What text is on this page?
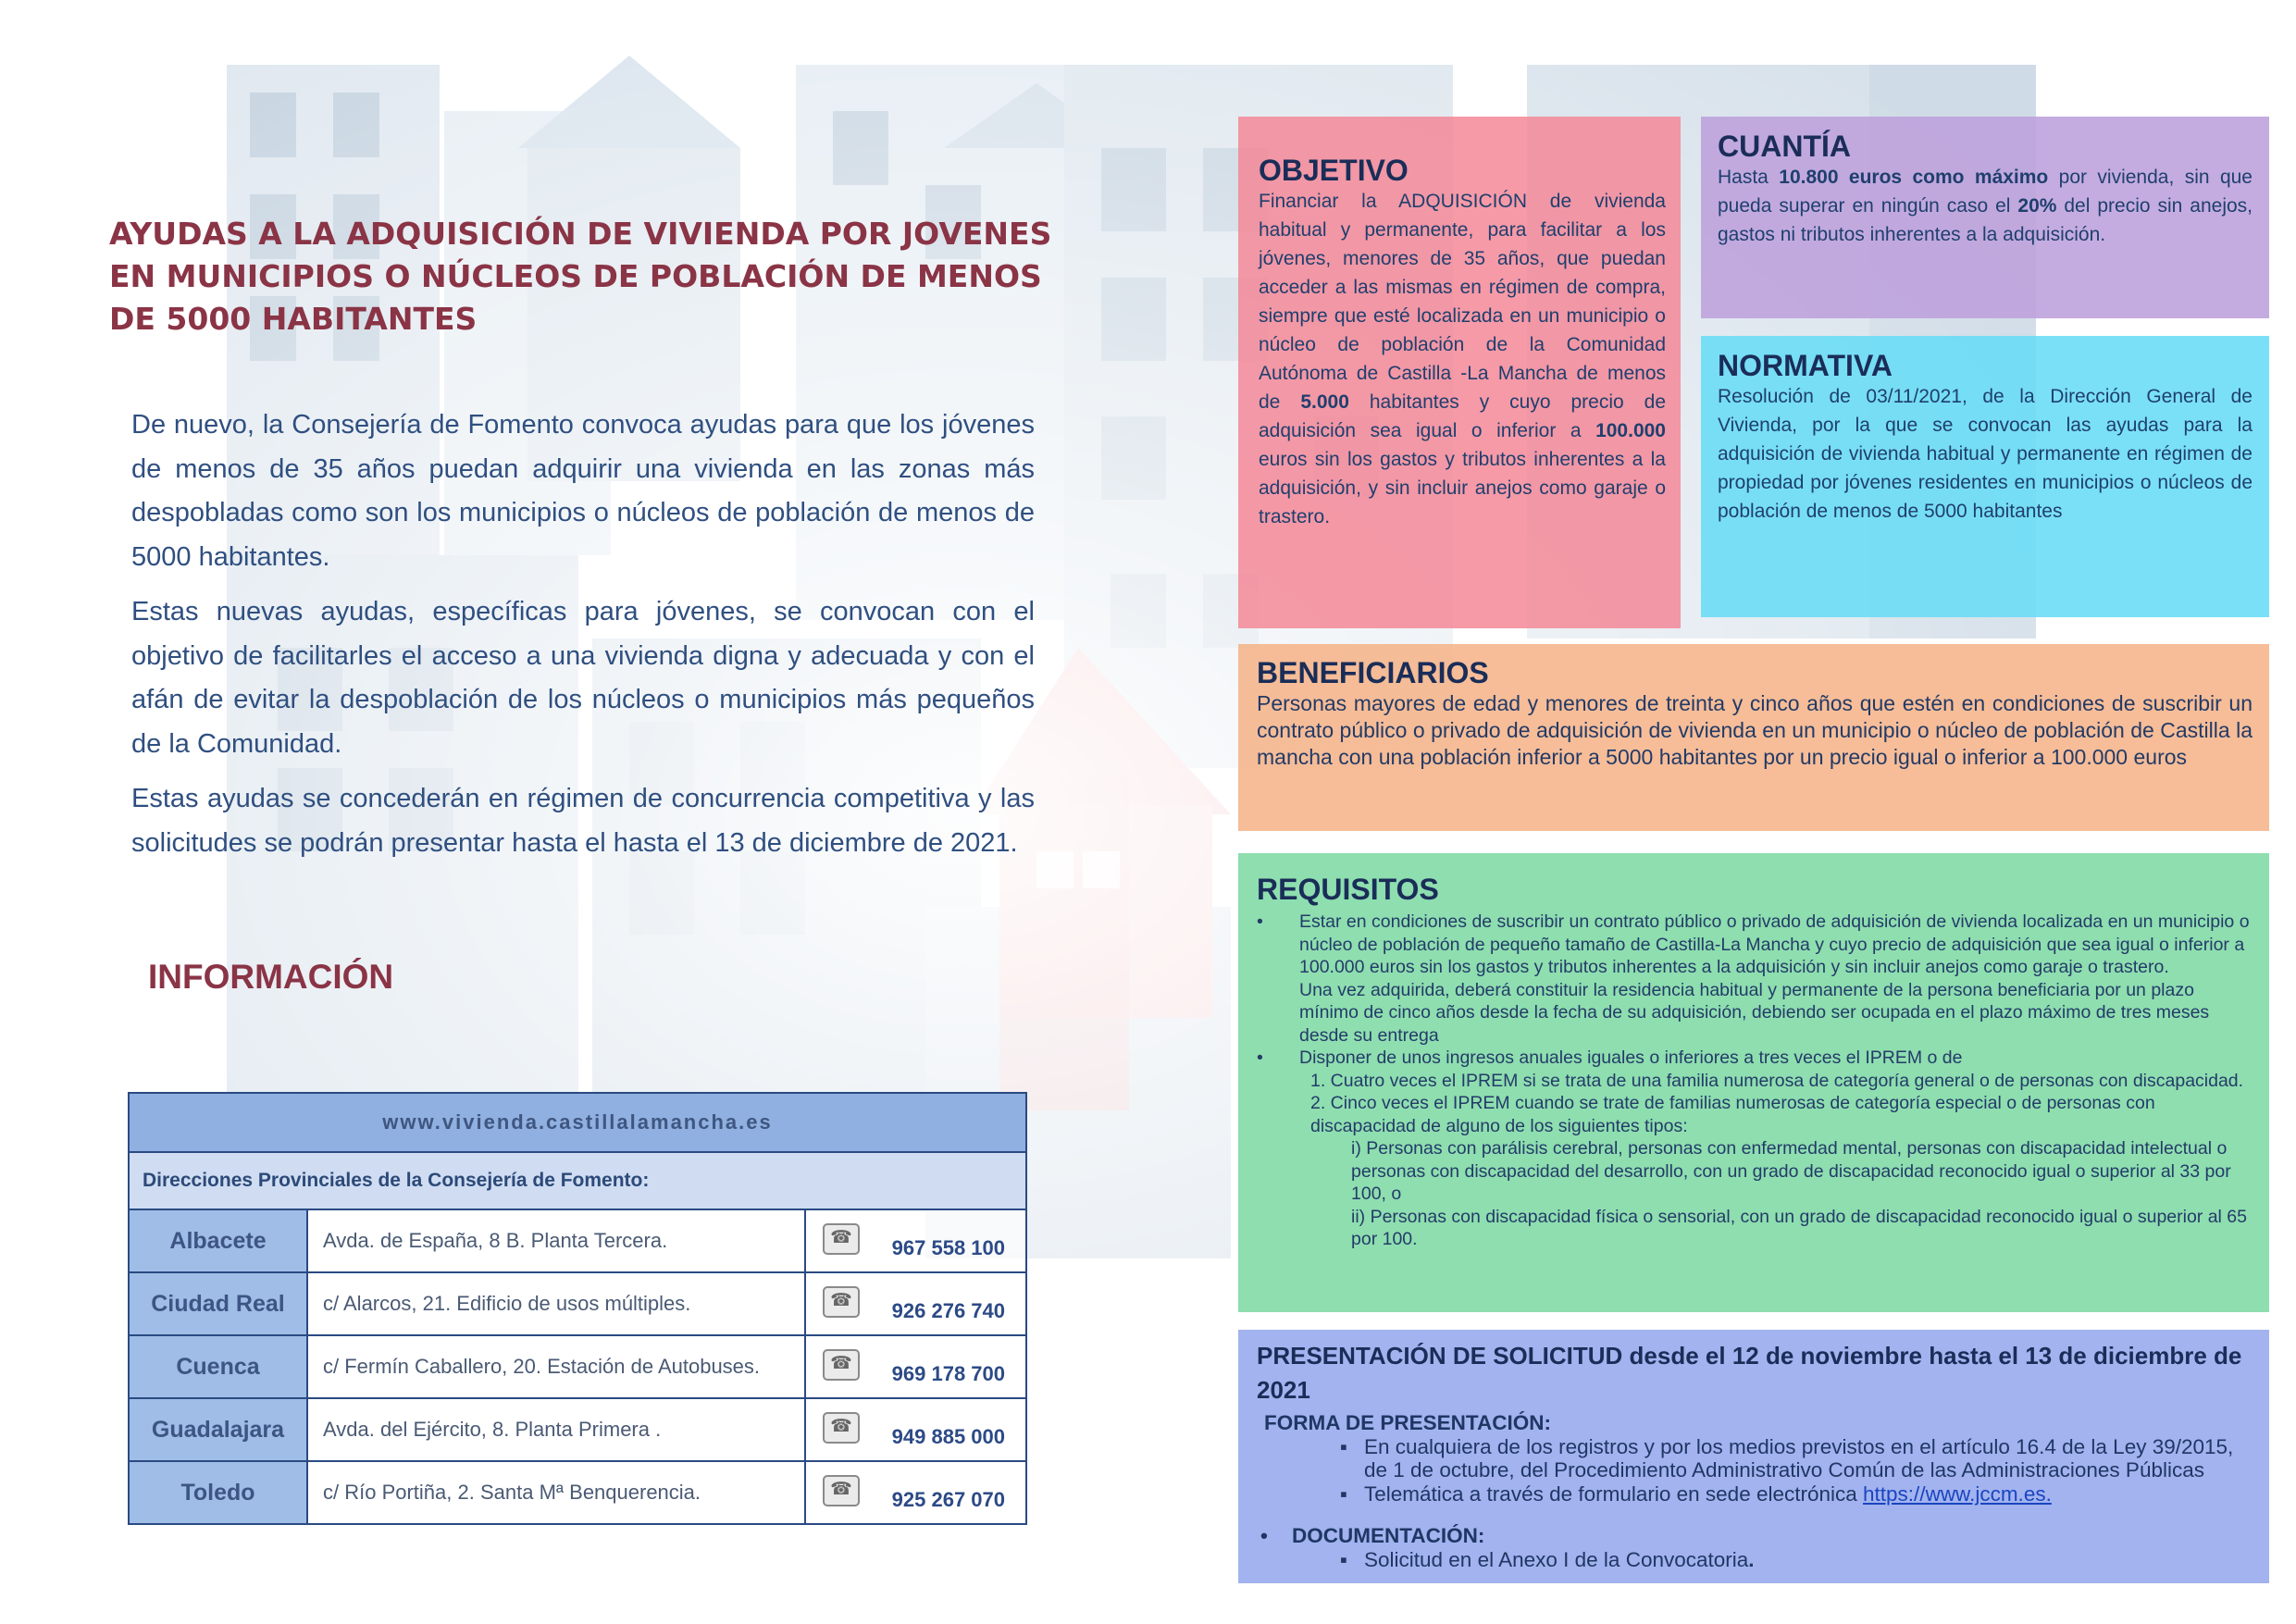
AYUDAS A LA ADQUISICIÓN DE VIVIENDA POR JOVENES EN MUNICIPIOS O NÚCLEOS DE POBLACIÓN DE MENOS DE 5000 HABITANTES

De nuevo, la Consejería de Fomento convoca ayudas para que los jóvenes de menos de 35 años puedan adquirir una vivienda en las zonas más despobladas como son los municipios o núcleos de población de menos de 5000 habitantes.

Estas nuevas ayudas, específicas para jóvenes, se convocan con el objetivo de facilitarles el acceso a una vivienda digna y adecuada y con el afán de evitar la despoblación de los núcleos o municipios más pequeños de la Comunidad.

Estas ayudas se concederán en régimen de concurrencia competitiva y las solicitudes se podrán presentar hasta el hasta el 13 de diciembre de 2021.

INFORMACIÓN
www.vivienda.castillalamancha.es		
Direcciones Provinciales de la Consejería de Fomento:		
Albacete	Avda. de España, 8 B. Planta Tercera.	☎ 967 558 100

Ciudad Real	c/ Alarcos, 21. Edificio de usos múltiples.	☎ 926 276 740

Cuenca	c/ Fermín Caballero, 20. Estación de Autobuses.	☎ 969 178 700

Guadalajara	Avda. del Ejército, 8. Planta Primera .	☎ 949 885 000

Toledo	c/ Río Portiña, 2. Santa Mª Benquerencia.	☎ 925 267 070
OBJETIVO
Financiar la ADQUISICIÓN de vivienda habitual y permanente, para facilitar a los jóvenes, menores de 35 años, que puedan acceder a las mismas en régimen de compra, siempre que esté localizada en un municipio o núcleo de población de la Comunidad Autónoma de Castilla -La Mancha de menos de 5.000 habitantes y cuyo precio de adquisición sea igual o inferior a 100.000 euros sin los gastos y tributos inherentes a la adquisición, y sin incluir anejos como garaje o trastero.
CUANTÍA
Hasta 10.800 euros como máximo por vivienda, sin que pueda superar en ningún caso el 20% del precio sin anejos, gastos ni tributos inherentes a la adquisición.
NORMATIVA
Resolución de 03/11/2021, de la Dirección General de Vivienda, por la que se convocan las ayudas para la adquisición de vivienda habitual y permanente en régimen de propiedad por jóvenes residentes en municipios o núcleos de población de menos de 5000 habitantes
BENEFICIARIOS
Personas mayores de edad y menores de treinta y cinco años que estén en condiciones de suscribir un contrato público o privado de adquisición de vivienda en un municipio o núcleo de población de Castilla la mancha con una población inferior a 5000 habitantes por un precio igual o inferior a 100.000 euros
REQUISITOS
• Estar en condiciones de suscribir un contrato público o privado de adquisición de vivienda localizada en un municipio o núcleo de población de pequeño tamaño de Castilla-La Mancha y cuyo precio de adquisición que sea igual o inferior a 100.000 euros sin los gastos y tributos inherentes a la adquisición y sin incluir anejos como garaje o trastero.
Una vez adquirida, deberá constituir la residencia habitual y permanente de la persona beneficiaria por un plazo mínimo de cinco años desde la fecha de su adquisición, debiendo ser ocupada en el plazo máximo de tres meses desde su entrega
• Disponer de unos ingresos anuales iguales o inferiores a tres veces el IPREM o de
1. Cuatro veces el IPREM si se trata de una familia numerosa de categoría general o de personas con discapacidad.
2. Cinco veces el IPREM cuando se trate de familias numerosas de categoría especial o de personas con discapacidad de alguno de los siguientes tipos:
i) Personas con parálisis cerebral, personas con enfermedad mental, personas con discapacidad intelectual o personas con discapacidad del desarrollo, con un grado de discapacidad reconocido igual o superior al 33 por 100, o
ii) Personas con discapacidad física o sensorial, con un grado de discapacidad reconocido igual o superior al 65 por 100.
PRESENTACIÓN DE SOLICITUD desde el 12 de noviembre hasta el 13 de diciembre de 2021
FORMA DE PRESENTACIÓN:
▪ En cualquiera de los registros y por los medios previstos en el artículo 16.4 de la Ley 39/2015, de 1 de octubre, del Procedimiento Administrativo Común de las Administraciones Públicas
▪ Telemática a través de formulario en sede electrónica https://www.jccm.es.
• DOCUMENTACIÓN:
▪ Solicitud en el Anexo I de la Convocatoria.
